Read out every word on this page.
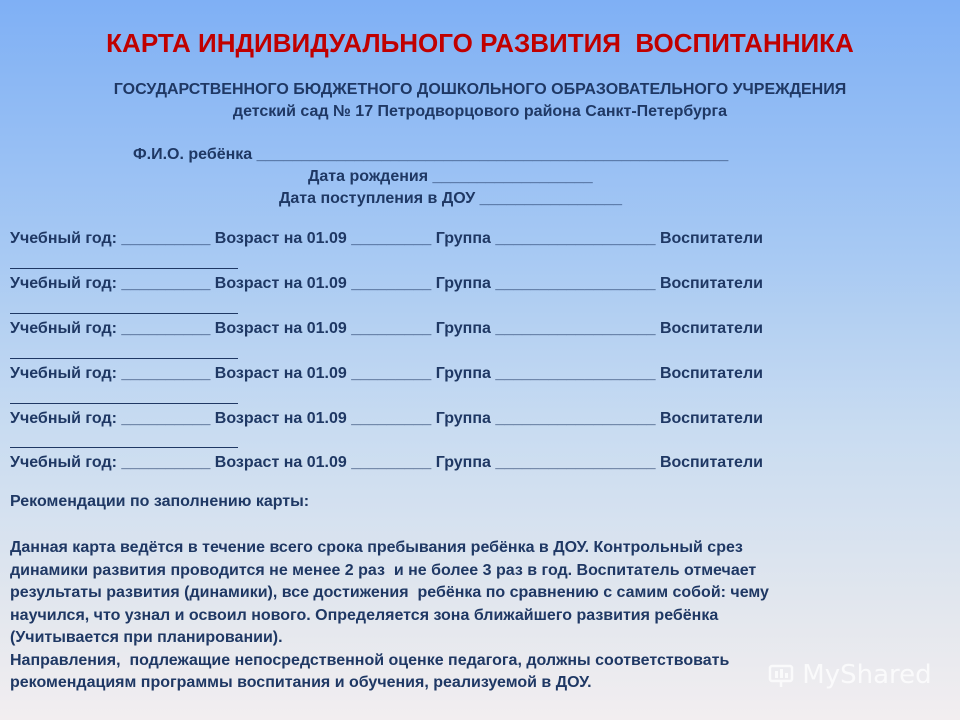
КАРТА ИНДИВИДУАЛЬНОГО РАЗВИТИЯ  ВОСПИТАННИКА
ГОСУДАРСТВЕННОГО БЮДЖЕТНОГО ДОШКОЛЬНОГО ОБРАЗОВАТЕЛЬНОГО УЧРЕЖДЕНИЯ
детский сад № 17 Петродворцового района Санкт-Петербурга
Ф.И.О. ребёнка _____________________________________________________
Дата рождения __________________
Дата поступления в ДОУ ________________
Учебный год: __________ Возраст на 01.09 _________ Группа __________________ Воспитатели
Учебный год: __________ Возраст на 01.09 _________ Группа __________________ Воспитатели
Учебный год: __________ Возраст на 01.09 _________ Группа __________________ Воспитатели
Учебный год: __________ Возраст на 01.09 _________ Группа __________________ Воспитатели
Учебный год: __________ Возраст на 01.09 _________ Группа __________________ Воспитатели
Учебный год: __________ Возраст на 01.09 _________ Группа __________________ Воспитатели
Рекомендации по заполнению карты:
Данная карта ведётся в течение всего срока пребывания ребёнка в ДОУ. Контрольный срез
динамики развития проводится не менее 2 раз  и не более 3 раз в год. Воспитатель отмечает
результаты развития (динамики), все достижения  ребёнка по сравнению с самим собой: чему
научился, что узнал и освоил нового. Определяется зона ближайшего развития ребёнка
(Учитывается при планировании).
Направления,  подлежащие непосредственной оценке педагога, должны соответствовать
рекомендациям программы воспитания и обучения, реализуемой в ДОУ.	MyShared
